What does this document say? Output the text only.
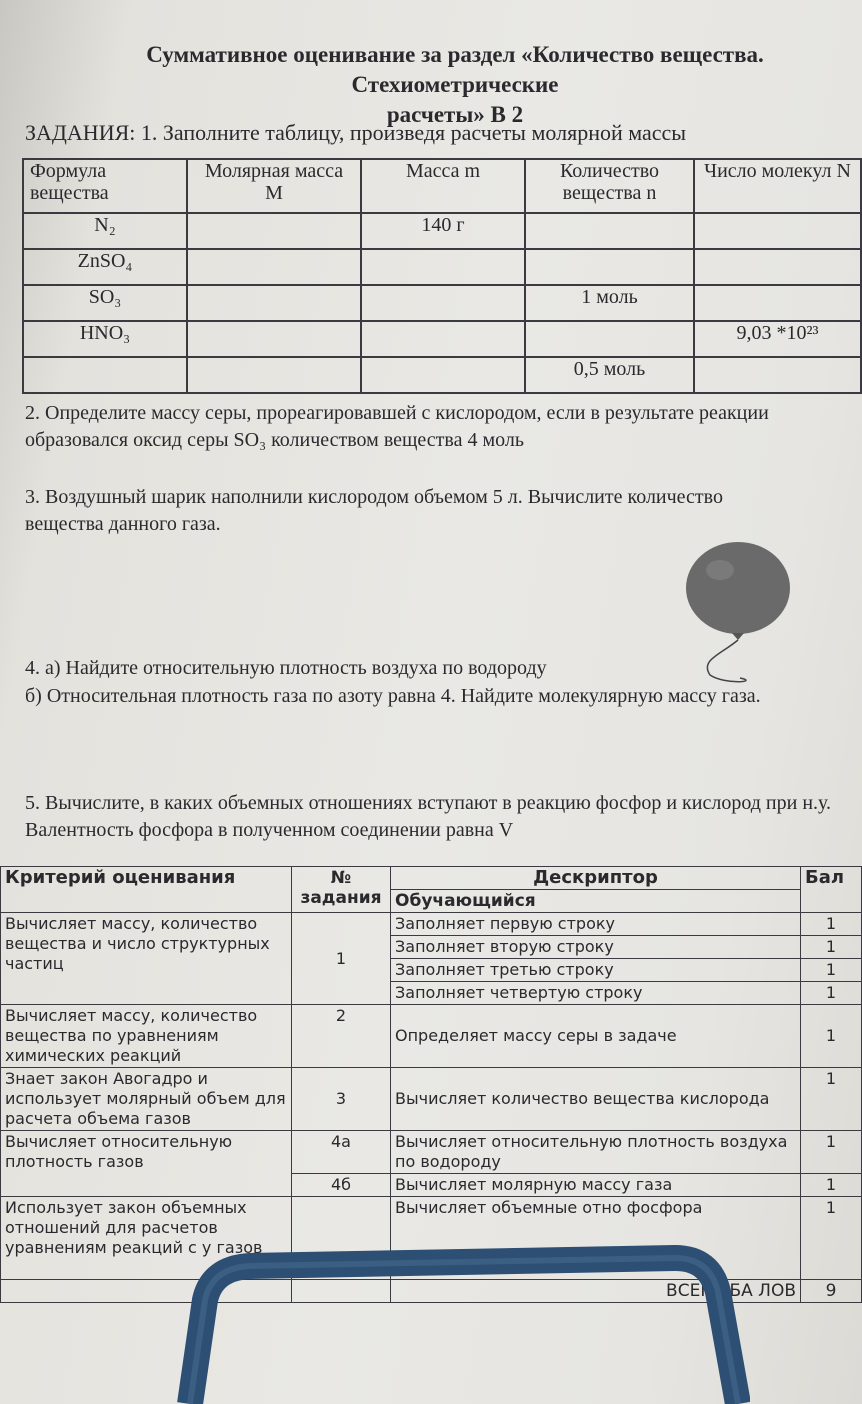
Суммативное оценивание за раздел «Количество вещества. Стехиометрические
расчеты» В 2
ЗАДАНИЯ: 1. Заполните таблицу, произведя расчеты молярной массы
Формула вещества	Молярная масса M	Масса m	Количество вещества n	Число молекул N
N₂		140 г		
ZnSO₄				
SO₃			1 моль	
HNO₃				9,03 *10²³
			0,5 моль	
2. Определите массу серы, прореагировавшей с кислородом, если в результате реакции образовался оксид серы SO₃ количеством вещества 4 моль
3. Воздушный шарик наполнили кислородом объемом 5 л. Вычислите количество вещества данного газа.
4. а) Найдите относительную плотность воздуха по водороду
б) Относительная плотность газа по азоту равна 4. Найдите молекулярную массу газа.
5. Вычислите, в каких объемных отношениях вступают в реакцию фосфор и кислород при н.у. Валентность фосфора в полученном соединении равна V
Критерий оценивания	№ задания	Дескриптор	Бал
		Обучающийся	
Вычисляет массу, количество вещества и число структурных частиц	1	Заполняет первую строку	1
		Заполняет вторую строку	1
		Заполняет третью строку	1
		Заполняет четвертую строку	1
Вычисляет массу, количество вещества по уравнениям химических реакций	2	Определяет массу серы в задаче	1
Знает закон Авогадро и использует молярный объем для расчета объема газов	3	Вычисляет количество вещества кислорода	1
Вычисляет относительную плотность газов	4а	Вычисляет относительную плотность воздуха по водороду	1
	4б	Вычисляет молярную массу газа	1
Использует закон объемных отношений для расчетов уравнениям реакций с у газов		Вычисляет объемные отно фосфора	1
		ВСЕГО БА ЛОВ	9
